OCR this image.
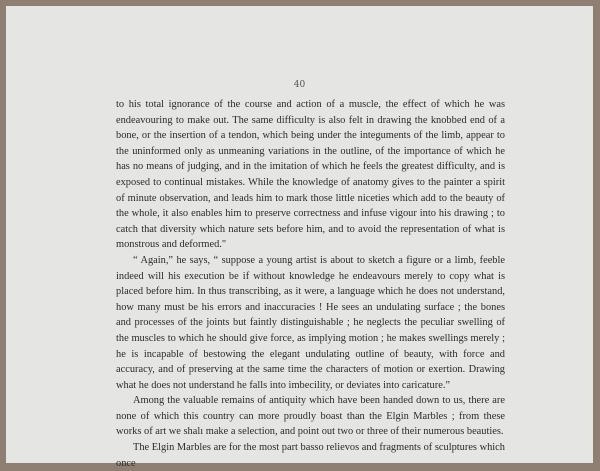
40

to his total ignorance of the course and action of a muscle, the effect of which he was endeavouring to make out. The same difficulty is also felt in drawing the knobbed end of a bone, or the insertion of a tendon, which being under the integuments of the limb, appear to the uninformed only as unmeaning variations in the outline, of the importance of which he has no means of judging, and in the imitation of which he feels the greatest difficulty, and is exposed to continual mistakes. While the knowledge of anatomy gives to the painter a spirit of minute observation, and leads him to mark those little niceties which add to the beauty of the whole, it also enables him to preserve correctness and infuse vigour into his drawing ; to catch that diversity which nature sets before him, and to avoid the representation of what is monstrous and deformed."

“ Again,” he says, “ suppose a young artist is about to sketch a figure or a limb, feeble indeed will his execution be if without knowledge he endeavours merely to copy what is placed before him. In thus transcribing, as it were, a language which he does not understand, how many must be his errors and inaccuracies ! He sees an undulating surface ; the bones and processes of the joints but faintly distinguishable ; he neglects the peculiar swelling of the muscles to which he should give force, as implying motion ; he makes swellings merely ; he is incapable of bestowing the elegant undulating outline of beauty, with force and accuracy, and of preserving at the same time the characters of motion or exertion. Drawing what he does not understand he falls into imbecility, or deviates into caricature.”

Among the valuable remains of antiquity which have been handed down to us, there are none of which this country can more proudly boast than the Elgin Marbles ; from these works of art we shalı make a selection, and point out two or three of their numerous beauties.

The Elgin Marbles are for the most part basso relievos and fragments of sculptures which once
